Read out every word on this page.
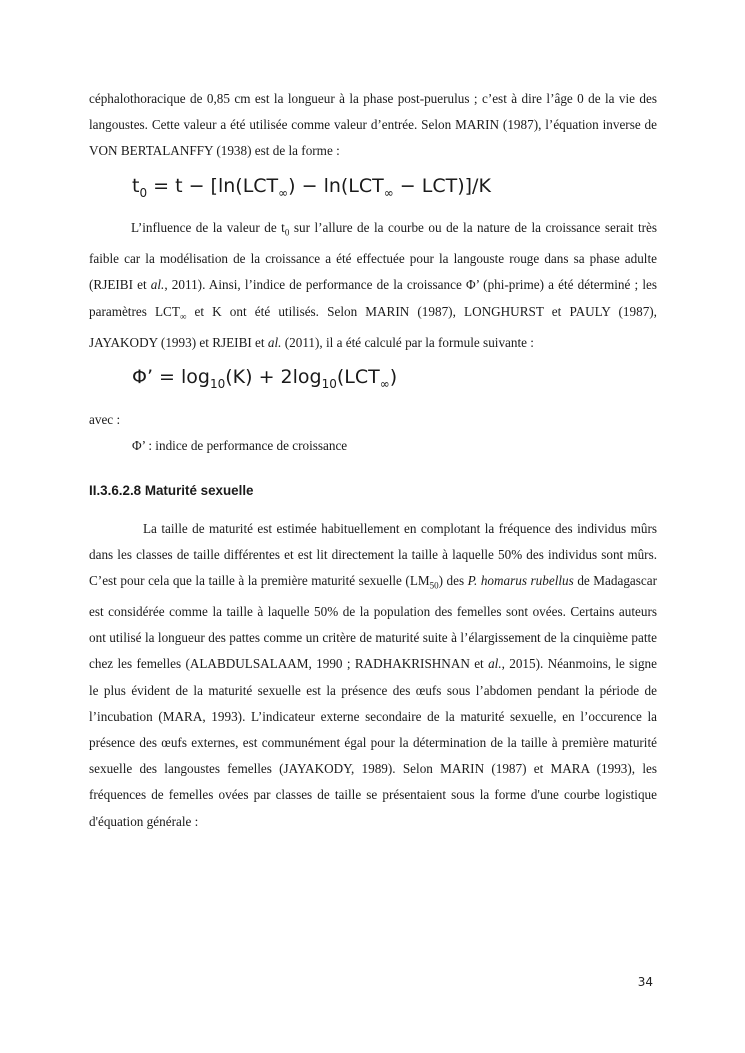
céphalothoracique de 0,85 cm est la longueur à la phase post-puerulus ; c’est à dire l’âge 0 de la vie des langoustes. Cette valeur a été utilisée comme valeur d’entrée. Selon MARIN (1987), l’équation inverse de VON BERTALANFFY (1938) est de la forme :

$t_0 = t - [\ln(LCT_\infty) - \ln(LCT_\infty - LCT)]/K$

L’influence de la valeur de $t_0$ sur l’allure de la courbe ou de la nature de la croissance serait très faible car la modélisation de la croissance a été effectuée pour la langouste rouge dans sa phase adulte (RJEIBI et al., 2011). Ainsi, l’indice de performance de la croissance Φ’ (phi-prime) a été déterminé ; les paramètres $LCT_\infty$ et K ont été utilisés. Selon MARIN (1987), LONGHURST et PAULY (1987), JAYAKODY (1993) et RJEIBI et al. (2011), il a été calculé par la formule suivante :

Φ’ = $\log_{10}(K) + 2\log_{10}(LCT_\infty)$

avec :

Φ’ : indice de performance de croissance

II.3.6.2.8 Maturité sexuelle

La taille de maturité est estimée habituellement en complotant la fréquence des individus mûrs dans les classes de taille différentes et est lit directement la taille à laquelle 50% des individus sont mûrs. C’est pour cela que la taille à la première maturité sexuelle $(LM_{50})$ des P. homarus rubellus de Madagascar est considérée comme la taille à laquelle 50% de la population des femelles sont ovées. Certains auteurs ont utilisé la longueur des pattes comme un critère de maturité suite à l’élargissement de la cinquième patte chez les femelles (ALABDULSALAAM, 1990 ; RADHAKRISHNAN et al., 2015). Néanmoins, le signe le plus évident de la maturité sexuelle est la présence des œufs sous l’abdomen pendant la période de l’incubation (MARA, 1993). L’indicateur externe secondaire de la maturité sexuelle, en l’occurence la présence des œufs externes, est communément égal pour la détermination de la taille à première maturité sexuelle des langoustes femelles (JAYAKODY, 1989). Selon MARIN (1987) et MARA (1993), les fréquences de femelles ovées par classes de taille se présentaient sous la forme d'une courbe logistique d'équation générale :

34
